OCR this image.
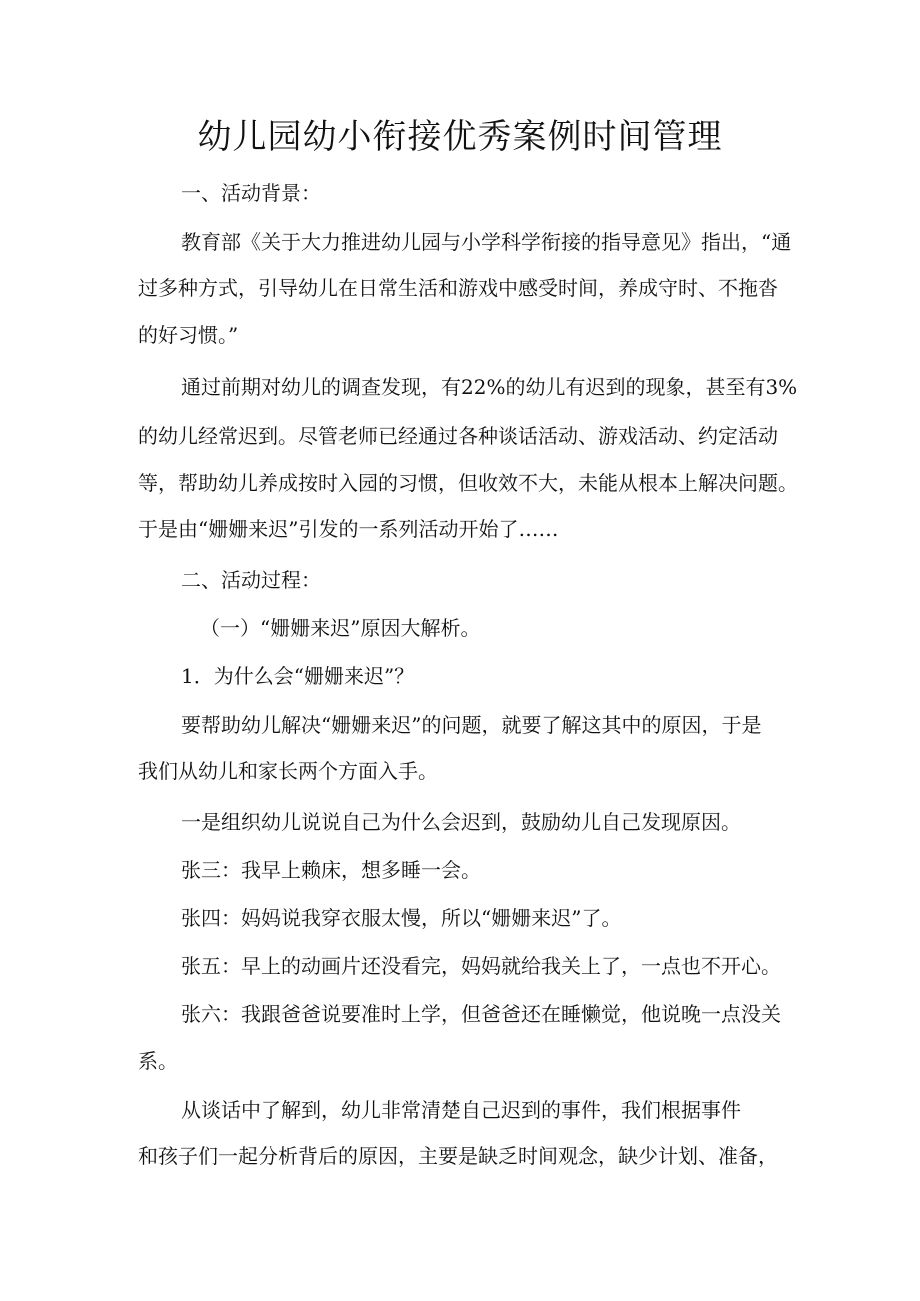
幼儿园幼小衔接优秀案例时间管理
一、活动背景：
教育部《关于大力推进幼儿园与小学科学衔接的指导意见》指出，“通
过多种方式，引导幼儿在日常生活和游戏中感受时间，养成守时、不拖沓
的好习惯。”
通过前期对幼儿的调查发现，有22%的幼儿有迟到的现象，甚至有3%
的幼儿经常迟到。尽管老师已经通过各种谈话活动、游戏活动、约定活动
等，帮助幼儿养成按时入园的习惯，但收效不大，未能从根本上解决问题。
于是由“姗姗来迟”引发的一系列活动开始了……
二、活动过程：
（一）“姗姗来迟”原因大解析。
1．为什么会“姗姗来迟”？
要帮助幼儿解决“姗姗来迟”的问题，就要了解这其中的原因，于是
我们从幼儿和家长两个方面入手。
一是组织幼儿说说自己为什么会迟到，鼓励幼儿自己发现原因。
张三：我早上赖床，想多睡一会。
张四：妈妈说我穿衣服太慢，所以“姗姗来迟”了。
张五：早上的动画片还没看完，妈妈就给我关上了，一点也不开心。
张六：我跟爸爸说要准时上学，但爸爸还在睡懒觉，他说晚一点没关
系。
从谈话中了解到，幼儿非常清楚自己迟到的事件，我们根据事件
和孩子们一起分析背后的原因，主要是缺乏时间观念，缺少计划、准备，
